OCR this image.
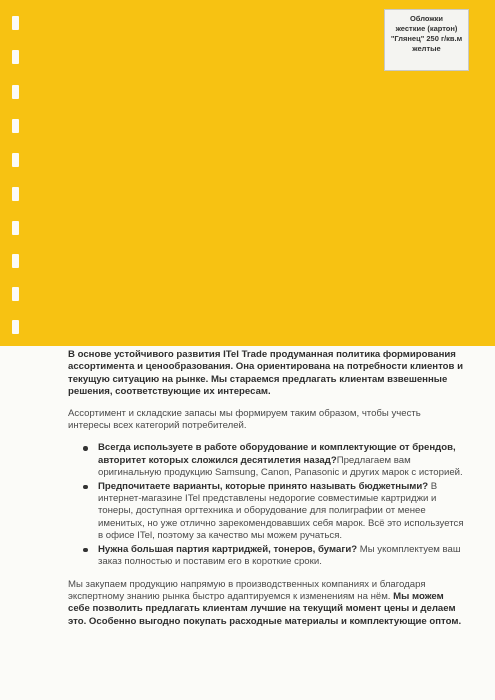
Обложки
жесткие (картон)
"Глянец" 250 г/кв.м
желтые

В основе устойчивого развития ITel Trade продуманная политика формирования ассортимента и ценообразования. Она ориентирована на потребности клиентов и текущую ситуацию на рынке. Мы стараемся предлагать клиентам взвешенные решения, соответствующие их интересам.

Ассортимент и складские запасы мы формируем таким образом, чтобы учесть интересы всех категорий потребителей.

Всегда используете в работе оборудование и комплектующие от брендов, авторитет которых сложился десятилетия назад?Предлагаем вам оригинальную продукцию Samsung, Canon, Panasonic и других марок с историей.
Предпочитаете варианты, которые принято называть бюджетными? В интернет-магазине ITel представлены недорогие совместимые картриджи и тонеры, доступная оргтехника и оборудование для полиграфии от менее именитых, но уже отлично зарекомендовавших себя марок. Всё это используется в офисе ITel, поэтому за качество мы можем ручаться.
Нужна большая партия картриджей, тонеров, бумаги? Мы укомплектуем ваш заказ полностью и поставим его в короткие сроки.

Мы закупаем продукцию напрямую в производственных компаниях и благодаря экспертному знанию рынка быстро адаптируемся к изменениям на нём. Мы можем себе позволить предлагать клиентам лучшие на текущий момент цены и делаем это. Особенно выгодно покупать расходные материалы и комплектующие оптом.
